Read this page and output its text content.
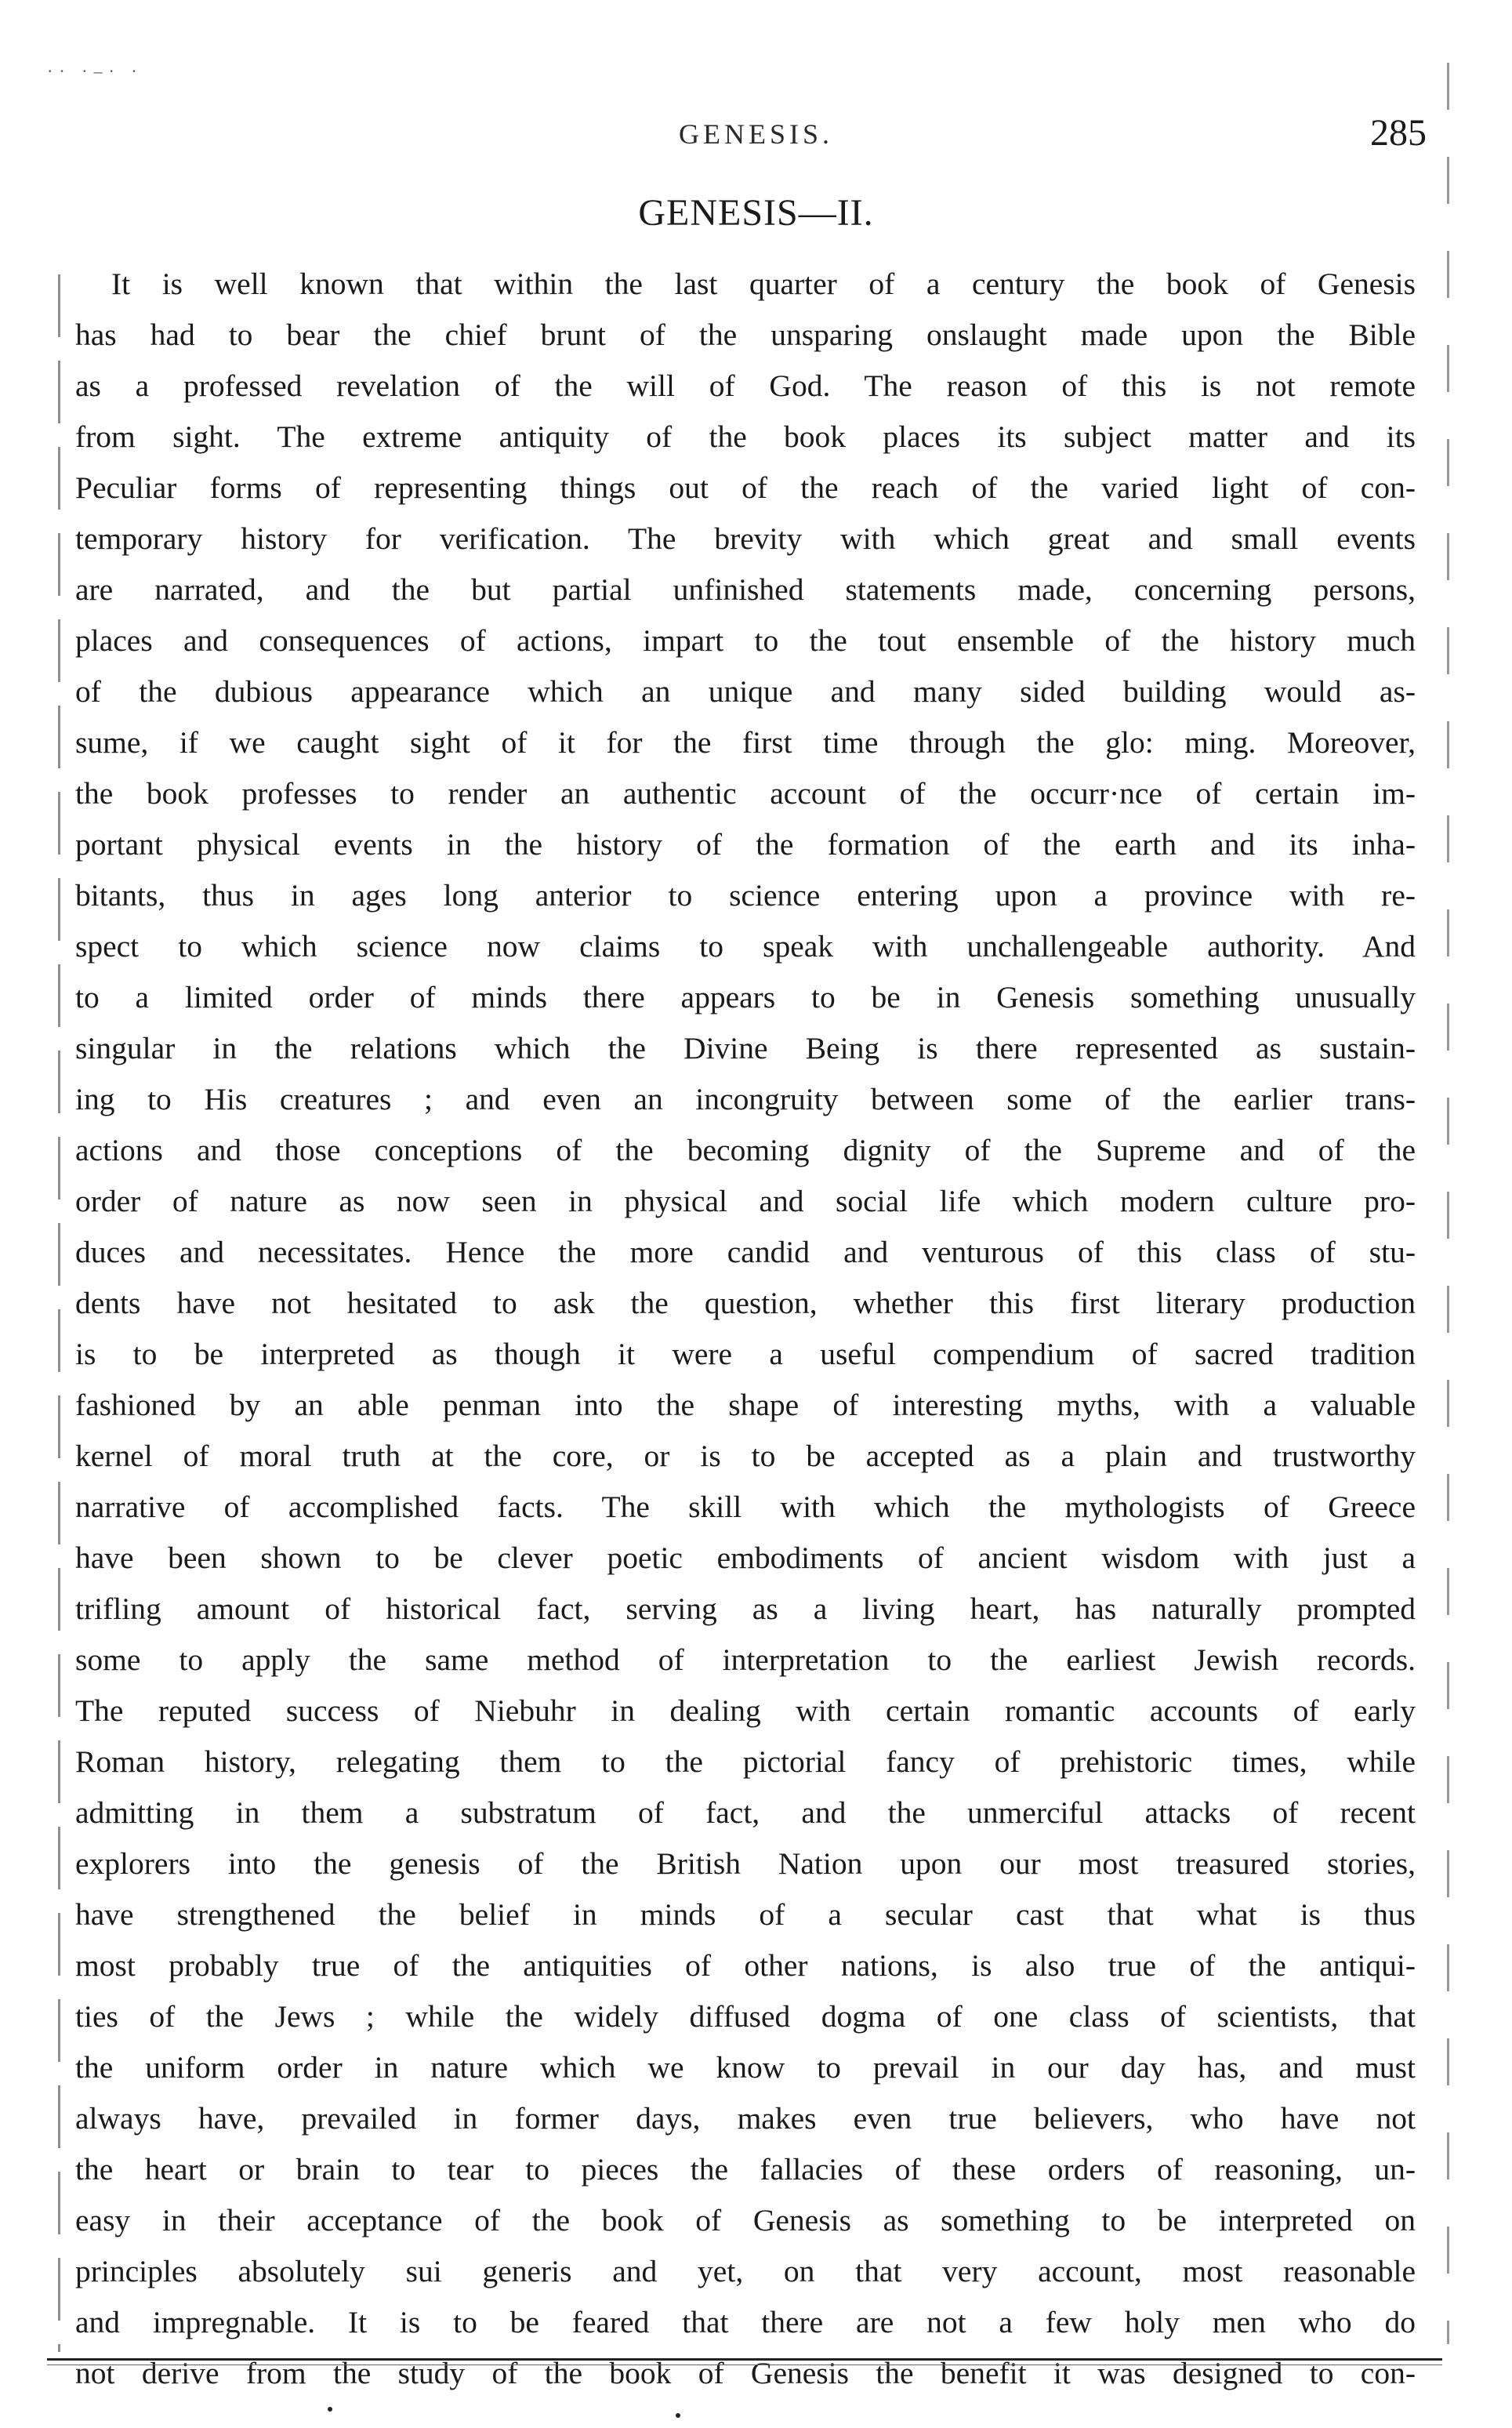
·· ·–· ·
GENESIS.	285
GENESIS—II.
It is well known that within the last quarter of a century the book of Genesis
has had to bear the chief brunt of the unsparing onslaught made upon the Bible
as a professed revelation of the will of God. The reason of this is not remote
from sight. The extreme antiquity of the book places its subject matter and its
Peculiar forms of representing things out of the reach of the varied light of con-
temporary history for verification. The brevity with which great and small events
are narrated, and the but partial unfinished statements made, concerning persons,
places and consequences of actions, impart to the tout ensemble of the history much
of the dubious appearance which an unique and many sided building would as-
sume, if we caught sight of it for the first time through the glo: ming. Moreover,
the book professes to render an authentic account of the occurr·nce of certain im-
portant physical events in the history of the formation of the earth and its inha-
bitants, thus in ages long anterior to science entering upon a province with re-
spect to which science now claims to speak with unchallengeable authority. And
to a limited order of minds there appears to be in Genesis something unusually
singular in the relations which the Divine Being is there represented as sustain-
ing to His creatures ; and even an incongruity between some of the earlier trans-
actions and those conceptions of the becoming dignity of the Supreme and of the
order of nature as now seen in physical and social life which modern culture pro-
duces and necessitates. Hence the more candid and venturous of this class of stu-
dents have not hesitated to ask the question, whether this first literary production
is to be interpreted as though it were a useful compendium of sacred tradition
fashioned by an able penman into the shape of interesting myths, with a valuable
kernel of moral truth at the core, or is to be accepted as a plain and trustworthy
narrative of accomplished facts. The skill with which the mythologists of Greece
have been shown to be clever poetic embodiments of ancient wisdom with just a
trifling amount of historical fact, serving as a living heart, has naturally prompted
some to apply the same method of interpretation to the earliest Jewish records.
The reputed success of Niebuhr in dealing with certain romantic accounts of early
Roman history, relegating them to the pictorial fancy of prehistoric times, while
admitting in them a substratum of fact, and the unmerciful attacks of recent
explorers into the genesis of the British Nation upon our most treasured stories,
have strengthened the belief in minds of a secular cast that what is thus
most probably true of the antiquities of other nations, is also true of the antiqui-
ties of the Jews ; while the widely diffused dogma of one class of scientists, that
the uniform order in nature which we know to prevail in our day has, and must
always have, prevailed in former days, makes even true believers, who have not
the heart or brain to tear to pieces the fallacies of these orders of reasoning, un-
easy in their acceptance of the book of Genesis as something to be interpreted on
principles absolutely sui generis and yet, on that very account, most reasonable
and impregnable. It is to be feared that there are not a few holy men who do
not derive from the study of the book of Genesis the benefit it was designed to con-
